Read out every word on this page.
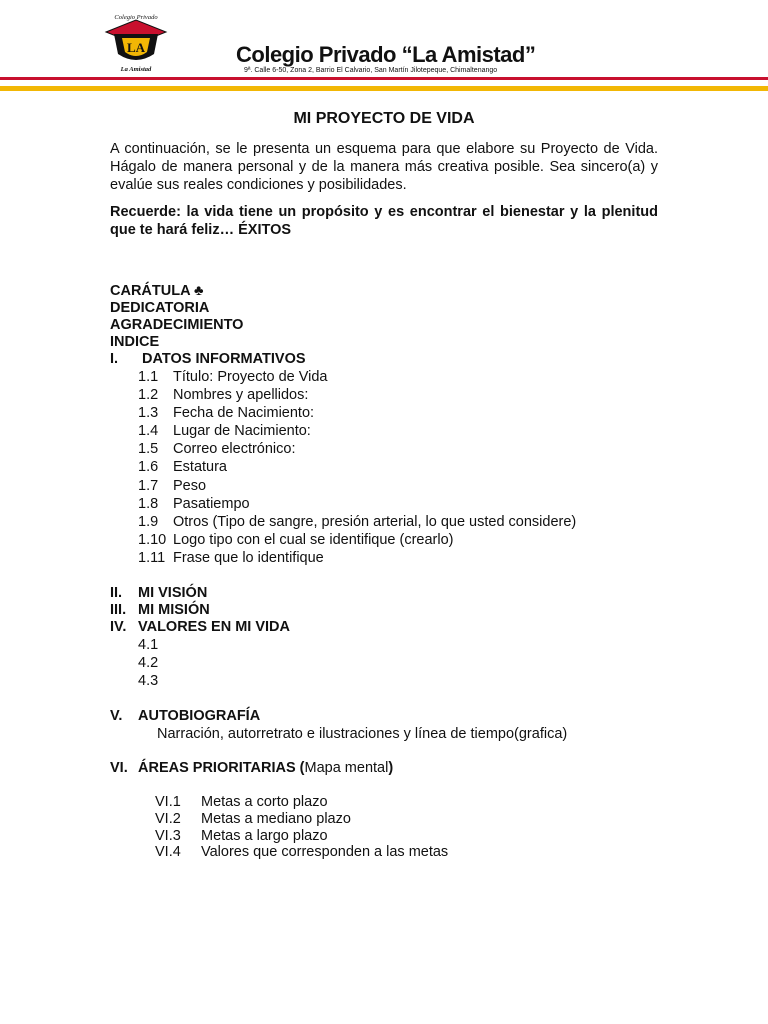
LA
Colegio Privado
La Amistad
Colegio Privado “La Amistad”
9ª. Calle 6-50, Zona 2, Barrio El Calvario, San Martín Jilotepeque, Chimaltenango
MI PROYECTO DE VIDA

A continuación, se le presenta un esquema para que elabore su Proyecto de Vida. Hágalo de manera personal y de la manera más creativa posible. Sea sincero(a) y evalúe sus reales condiciones y posibilidades.

Recuerde: la vida tiene un propósito y es encontrar el bienestar y la plenitud que te hará feliz… ÉXITOS

CARÁTULA ♣
DEDICATORIA
AGRADECIMIENTO
INDICE
I.	DATOS INFORMATIVOS
1.1	Título: Proyecto de Vida
1.2	Nombres y apellidos:
1.3	Fecha de Nacimiento:
1.4	Lugar de Nacimiento:
1.5	Correo electrónico:
1.6	Estatura
1.7	Peso
1.8	Pasatiempo
1.9	Otros (Tipo de sangre, presión arterial, lo que usted considere)
1.10 Logo tipo con el cual se identifique (crearlo)
1.11 Frase que lo identifique
II.	MI VISIÓN
III. MI MISIÓN
IV. VALORES EN MI VIDA
4.1
4.2
4.3
V.	AUTOBIOGRAFÍA
Narración, autorretrato e ilustraciones y línea de tiempo(grafica)
VI. ÁREAS PRIORITARIAS (Mapa mental)
VI.1	Metas a corto plazo
VI.2	Metas a mediano plazo
VI.3	Metas a largo plazo
VI.4	Valores que corresponden a las metas
